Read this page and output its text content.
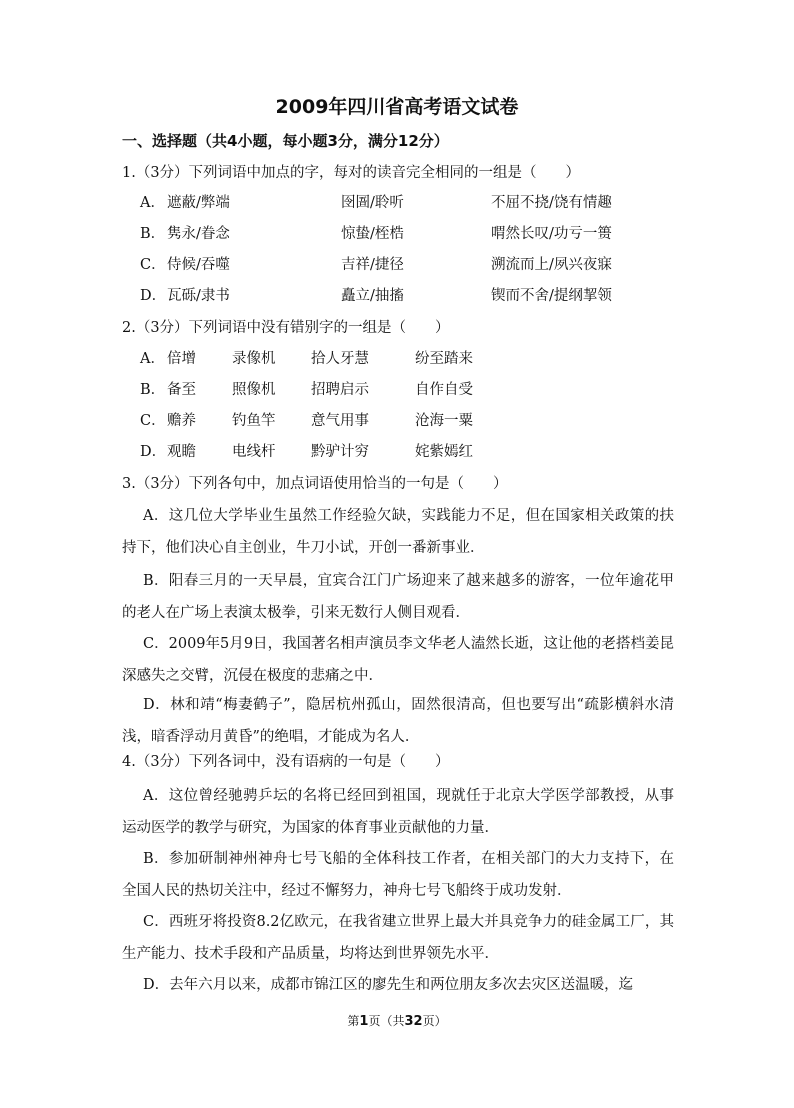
2009年四川省高考语文试卷
一、选择题（共4小题，每小题3分，满分12分）
1.（3分）下列词语中加点的字，每对的读音完全相同的一组是（　　）
A． 遮蔽/弊端	囹圄/聆听	不屈不挠/饶有情趣
B． 隽永/眷念	惊蛰/桎梏	喟然长叹/功亏一篑
C． 侍候/吞噬	吉祥/捷径	溯流而上/夙兴夜寐
D． 瓦砾/隶书	矗立/抽搐	锲而不舍/提纲挈领
2.（3分）下列词语中没有错别字的一组是（　　）
A． 倍增 录像机 拾人牙慧	纷至踏来
B． 备至 照像机 招聘启示	自作自受
C． 赡养 钓鱼竿 意气用事	沧海一粟
D． 观瞻 电线杆 黔驴计穷	姹紫嫣红
3.（3分）下列各句中，加点词语使用恰当的一句是（　　）
A．这几位大学毕业生虽然工作经验欠缺，实践能力不足，但在国家相关政策的扶持下，他们决心自主创业，牛刀小试，开创一番新事业．
B．阳春三月的一天早晨，宜宾合江门广场迎来了越来越多的游客，一位年逾花甲的老人在广场上表演太极拳，引来无数行人侧目观看．
C．2009年5月9日，我国著名相声演员李文华老人溘然长逝，这让他的老搭档姜昆深感失之交臂，沉侵在极度的悲痛之中．
D．林和靖“梅妻鹤子”，隐居杭州孤山，固然很清高，但也要写出“疏影横斜水清浅，暗香浮动月黄昏”的绝唱，才能成为名人．
4.（3分）下列各词中，没有语病的一句是（　　）
A．这位曾经驰骋乒坛的名将已经回到祖国，现就任于北京大学医学部教授，从事运动医学的教学与研究，为国家的体育事业贡献他的力量．
B．参加研制神州神舟七号飞船的全体科技工作者，在相关部门的大力支持下，在全国人民的热切关注中，经过不懈努力，神舟七号飞船终于成功发射．
C．西班牙将投资8.2亿欧元，在我省建立世界上最大并具竞争力的硅金属工厂，其生产能力、技术手段和产品质量，均将达到世界领先水平．
D．去年六月以来，成都市锦江区的廖先生和两位朋友多次去灾区送温暖，迄
第1页（共32页）
